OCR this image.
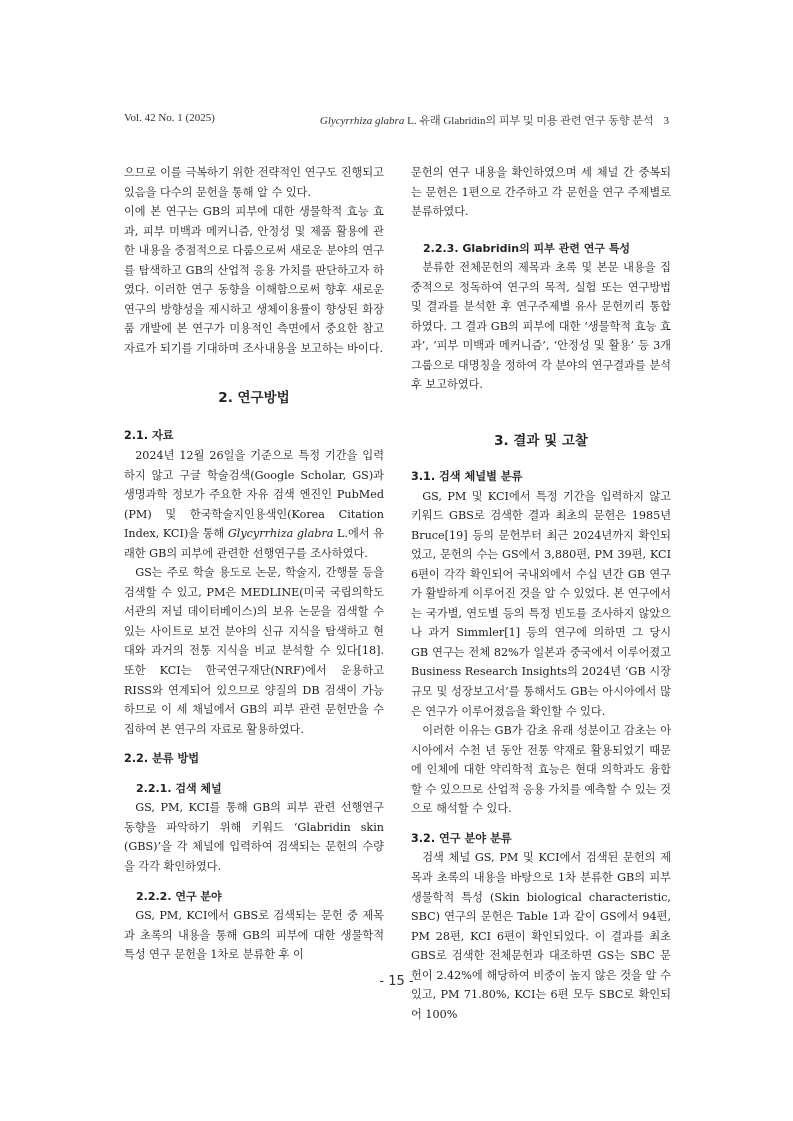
Vol. 42 No. 1 (2025)	Glycyrrhiza glabra L. 유래 Glabridin의 피부 및 미용 관련 연구 동향 분석 3

으므로 이를 극복하기 위한 전략적인 연구도 진행되고 있음을 다수의 문헌을 통해 알 수 있다.

이에 본 연구는 GB의 피부에 대한 생물학적 효능 효과, 피부 미백과 메커니즘, 안정성 및 제품 활용에 관한 내용을 중점적으로 다룸으로써 새로운 분야의 연구를 탐색하고 GB의 산업적 응용 가치를 판단하고자 하였다. 이러한 연구 동향을 이해함으로써 향후 새로운 연구의 방향성을 제시하고 생체이용률이 향상된 화장품 개발에 본 연구가 미용적인 측면에서 중요한 참고 자료가 되기를 기대하며 조사내용을 보고하는 바이다.

2. 연구방법
2.1. 자료

2024년 12월 26일을 기준으로 특정 기간을 입력하지 않고 구글 학술검색(Google Scholar, GS)과 생명과학 정보가 주요한 자유 검색 엔진인 PubMed (PM) 및 한국학술지인용색인(Korea Citation Index, KCI)을 통해 Glycyrrhiza glabra L.에서 유래한 GB의 피부에 관련한 선행연구를 조사하였다.

GS는 주로 학술 용도로 논문, 학술지, 간행물 등을 검색할 수 있고, PM은 MEDLINE(미국 국립의학도서관의 저널 데이터베이스)의 보유 논문을 검색할 수 있는 사이트로 보건 분야의 신규 지식을 탐색하고 현대와 과거의 전통 지식을 비교 분석할 수 있다[18]. 또한 KCI는 한국연구재단(NRF)에서 운용하고 RISS와 연계되어 있으므로 양질의 DB 검색이 가능하므로 이 세 채널에서 GB의 피부 관련 문헌만을 수집하여 본 연구의 자료로 활용하였다.

2.2. 분류 방법
2.2.1. 검색 체널

GS, PM, KCI를 통해 GB의 피부 관련 선행연구 동향을 파악하기 위해 키워드 ‘Glabridin skin (GBS)’을 각 체널에 입력하여 검색되는 문헌의 수량을 각각 확인하였다.

2.2.2. 연구 분야

GS, PM, KCI에서 GBS로 검색되는 문헌 중 제목과 초록의 내용을 통해 GB의 피부에 대한 생물학적 특성 연구 문헌을 1차로 분류한 후 이

문헌의 연구 내용을 확인하였으며 세 체널 간 중복되는 문헌은 1편으로 간주하고 각 문헌을 연구 주제별로 분류하였다.

2.2.3. Glabridin의 피부 관련 연구 특성

분류한 전체문헌의 제목과 초록 및 본문 내용을 집중적으로 정독하여 연구의 목적, 실험 또는 연구방법 및 결과를 분석한 후 연구주제별 유사 문헌끼리 통합하였다. 그 결과 GB의 피부에 대한 ‘생물학적 효능 효과’, ‘피부 미백과 메커니즘’, ‘안정성 및 활용’ 등 3개 그룹으로 대명칭을 정하여 각 분야의 연구결과를 분석 후 보고하였다.

3. 결과 및 고찰
3.1. 검색 체널별 분류

GS, PM 및 KCI에서 특정 기간을 입력하지 않고 키워드 GBS로 검색한 결과 최초의 문헌은 1985년 Bruce[19] 등의 문헌부터 최근 2024년까지 확인되었고, 문헌의 수는 GS에서 3,880편, PM 39편, KCI 6편이 각각 확인되어 국내외에서 수십 년간 GB 연구가 활발하게 이루어진 것을 알 수 있었다. 본 연구에서는 국가별, 연도별 등의 특정 빈도를 조사하지 않았으나 과거 Simmler[1] 등의 연구에 의하면 그 당시 GB 연구는 전체 82%가 일본과 중국에서 이루어졌고 Business Research Insights의 2024년 ‘GB 시장 규모 및 성장보고서’를 통해서도 GB는 아시아에서 많은 연구가 이루어졌음을 확인할 수 있다.

이러한 이유는 GB가 감초 유래 성분이고 감초는 아시아에서 수천 년 동안 전통 약재로 활용되었기 때문에 인체에 대한 약리학적 효능은 현대 의학과도 융합할 수 있으므로 산업적 응용 가치를 예측할 수 있는 것으로 해석할 수 있다.

3.2. 연구 분야 분류

검색 체널 GS, PM 및 KCI에서 검색된 문헌의 제목과 초록의 내용을 바탕으로 1차 분류한 GB의 피부 생물학적 특성 (Skin biological characteristic, SBC) 연구의 문헌은 Table 1과 같이 GS에서 94편, PM 28편, KCI 6편이 확인되었다. 이 결과를 최초 GBS로 검색한 전체문헌과 대조하면 GS는 SBC 문헌이 2.42%에 해당하여 비중이 높지 않은 것을 알 수 있고, PM 71.80%, KCI는 6편 모두 SBC로 확인되어 100%

- 15 -
